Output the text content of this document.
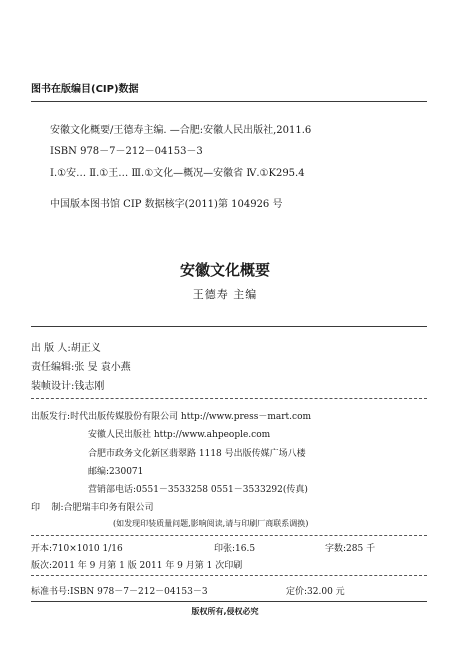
图书在版编目(CIP)数据
安徽文化概要/王德寿主编. —合肥:安徽人民出版社,2011.6
ISBN 978－7－212－04153－3
Ⅰ.①安… Ⅱ.①王… Ⅲ.①文化—概况—安徽省 Ⅳ.①K295.4
中国版本图书馆 CIP 数据核字(2011)第 104926 号
安徽文化概要
王德寿 主编
出 版 人:胡正义
责任编辑:张 旻 袁小燕
装帧设计:钱志刚
出版发行:时代出版传媒股份有限公司 http://www.press－mart.com
安徽人民出版社 http://www.ahpeople.com
合肥市政务文化新区翡翠路 1118 号出版传媒广场八楼
邮编:230071
营销部电话:0551－3533258 0551－3533292(传真)
印    制:合肥瑞丰印务有限公司
(如发现印装质量问题,影响阅读,请与印刷厂商联系调换)
开本:710×1010 1/16	印张:16.5	字数:285 千
版次:2011 年 9 月第 1 版 2011 年 9 月第 1 次印刷
标准书号:ISBN 978－7－212－04153－3	定价:32.00 元
版权所有,侵权必究
